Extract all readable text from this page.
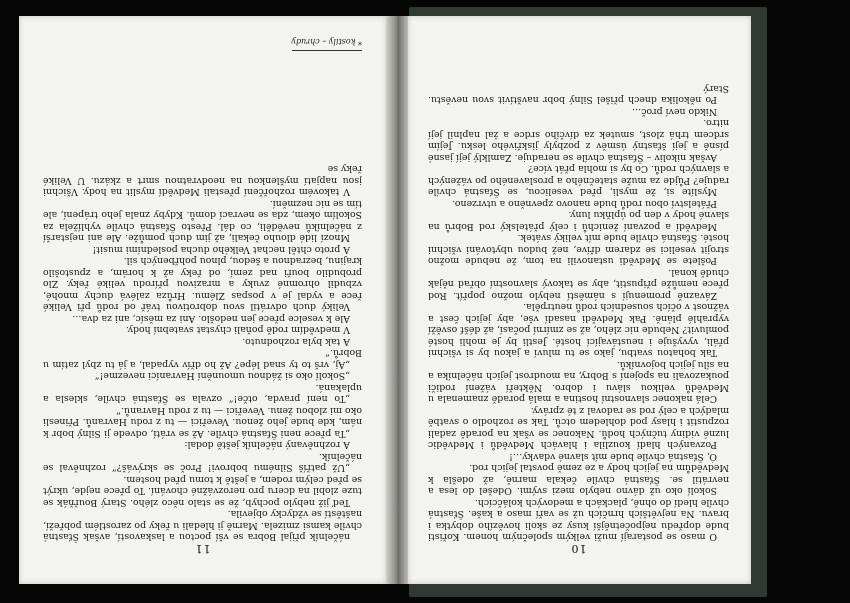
11

náčelník přijal Bobra se vší poctou a laskavostí, avšak Šťastná chvíle kamsi zmizela. Marně ji hledali u řeky po zarostlém pobřeží, naštěstí se vždycky objevila.

Teď již nebylo pochyb, že se stalo něco zlého. Starý Bouřňák se tuze zlobil na dceru pro nerozvážné chování. To přece nejde, ukrýt se před celým rodem, a ještě k tomu před hostem.

„Už patříš Silnému bobrovi! Proč se skrýváš?“ rozhněval se náčelník.

A rozhněvaný náčelník ještě dodal:

„Ta přece neni Šťastná chvíle. Až se vrátí, odvede ji Silný bobr k nám, kde bude jeho ženou. Veveřici — tu z rodu Havranů. Přinesli oko mi zlobou ženu. Veveřici — tu z rodu Havranů.“

„To není pravda, otče!“ ozvala se Šťastná chvíle, sklesla a uplakaná.

„Sokolí oko si žádnou umounění Havraníci nevezme!“

„Aj, vrš to ty snad lépe? Až ho dřív vypadal, a já tu zbyl zatím u Bobrů.“

A tak byla rozhodnuto.

V medvědím rodě poňali chystat svatební hody.

Ale k veselce přece jen nedošlo. Ani za měsíc, ani za dva…

Veliký duch odvrátil svou dobrotivou tvář od rodů při Veliké řece a vydal je v pospas Zlému. Hrůza zalévá duchy mnohé, vzbudil ohromné zvuky a mrazivou přírodu veliké řeky. Zlo probudilo bouři nad zemí, od řeky až k horám, a zpustošilo krajinu, bezradnou a šedou, plnou pohřbených sil.

A proto chtěl nechat Velkého ducha posledními musit!

Mnozí lidé dlouho čekali, až jim duch pomůže. Ale ani nejstarší z náčelníků nevěděli, co dál. Přesto Šťastná chvíle vyhlížela za Sokolím okem, zda se nevrací domů. Kdyby znala jeho trápení, ale tím se nic nezmění.

V takovém rozhořčení přestali Medvědí myslit na hody. Všichni jsou napjatí myšlenkou na neodvratnou smrt a zkázu. U Veliké řeky se

* kostily – chrudy
10

O maso se postarají muži velkým společným honem. Kořisti bude dopředu nejpočetnější kusy ze skoli hovězího dobytka i bravu. Na největších hrnčích už se vaří maso a kaše. Šťastná chvíle hledí do ohně, plackách a medových koláčcích.

Sokolí oko už dávno nebylo mezi svými. Odešel do lesa a nevrátil se. Šťastná chvíle čekala marně, až odešla k Medvědům na jejich hody a ze země povstal jejich rod.

Ó, Šťastná chvíle bude mít slavné vdavky…!

Pozvaných hladí kouzlila i hlavách Medvědů i Medvědic luzné vidiny tučných hodů. Nakonec se však na poradě zadali rozpustit i hlasy pod dohledem otců. Tak se rozhodlo o svatbě mladých a celý rod se radoval z té zprávy.

Celá nakonec slavnostní hostina a malá poradě znamenala u Medvědů velikou slávu i dobro. Někteří vážení rodiči poukazovali na spojení s Bobry, na moudrost jejich náčelníka a na sílu jejich bojovníků.

Tak bohatou svatbu, jako se tu mluví a jakou by si všichni přáli, vyvyšuje i neustávající hosté. Jestli by je mohli hosté pomluvit? Nebude nic zlého, až se zmírní počasí, až déšť osvěží vyprahlé pláně. Pak Medvědi nasadí vše, aby jejich čest a vážnost v očích sousedních rodů neutrpěla.

Závazně promenují s náměstí nebylo možno popřít. Rod přece nemůže připustit, aby se takový slavnostní obřad nějak chudě konal.

Pošlete se Medvědi ustanovili na tom, že nebude možno strojit veselici se zdarem dříve, než budou ubytováni všichni hosté. Šťastná chvíle bude mít veliký svátek.

Medvědí a pozvaní ženichů i celý přátelský rod Bobrů na slavné hody v den po úplňku luny.

Přátelství obou rodů bude nanovo zpevněno a utvrzeno.

Myslíte si, že mysli, před veselicou, se Šťastná chvíle raduje? Půjde za muže statečného a proslaveného po vážených a slavných rodů. Co by si mohla přát více?

Avšak nikoliv – Šťastná chvíle se neraduje. Zamlklý její jasné písně a její šťastný úsměv z pozbyly jiskřivého lesku. Jejím srdcem trhá zlost, smutek za dívčího srdce a žal naplnil její nitro.

Nikdo neví proč…

Po několika dnech přišel Silný bobr navštívit svou nevěstu. Starý
